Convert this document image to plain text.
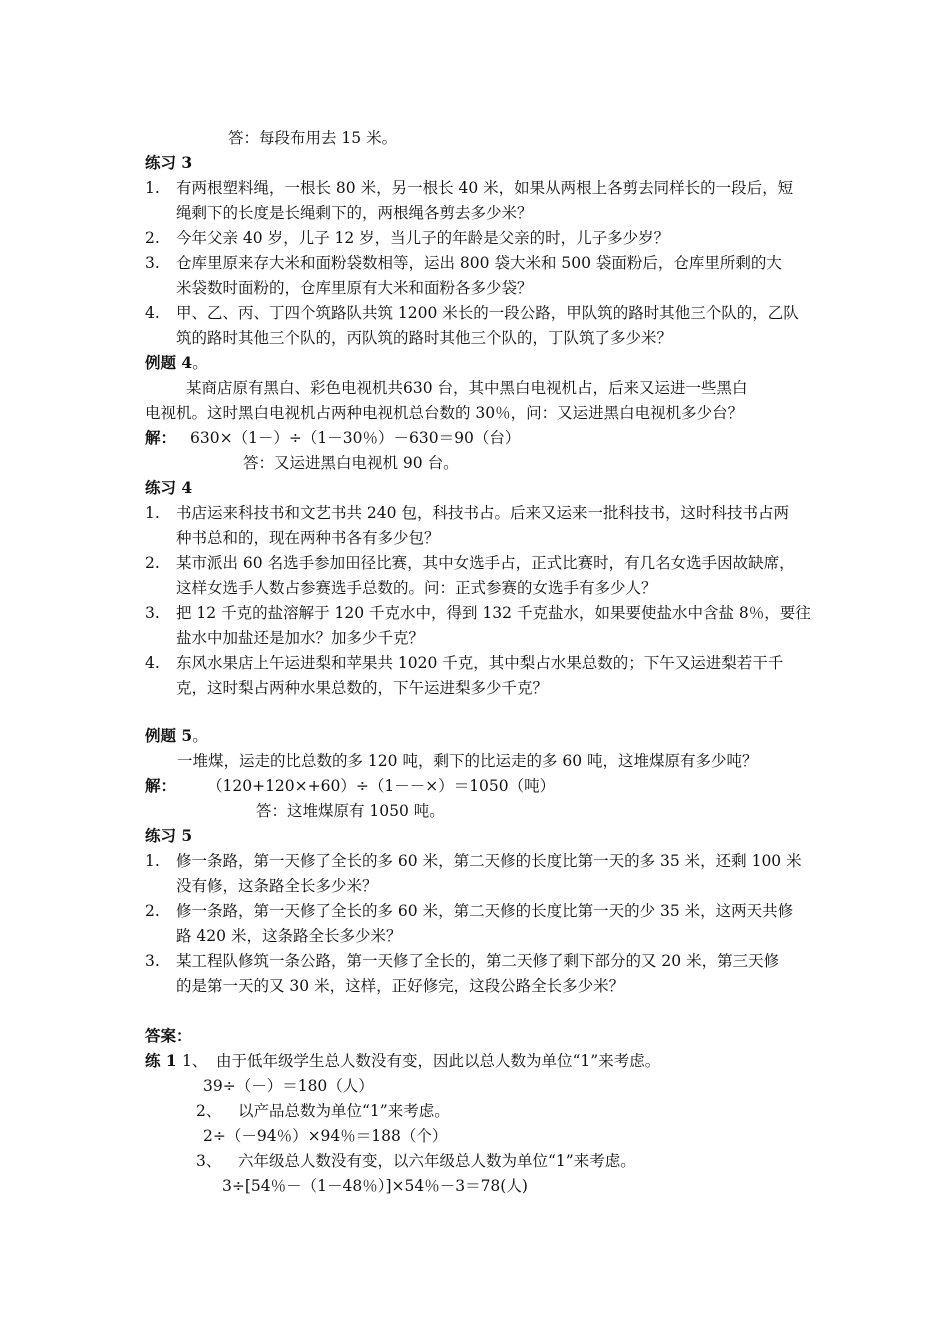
答：每段布用去 15 米。
练习 3
1. 有两根塑料绳，一根长 80 米，另一根长 40 米，如果从两根上各剪去同样长的一段后，短
绳剩下的长度是长绳剩下的，两根绳各剪去多少米？
2. 今年父亲 40 岁，儿子 12 岁，当儿子的年龄是父亲的时，儿子多少岁？
3. 仓库里原来存大米和面粉袋数相等，运出 800 袋大米和 500 袋面粉后，仓库里所剩的大
米袋数时面粉的，仓库里原有大米和面粉各多少袋？
4. 甲、乙、丙、丁四个筑路队共筑 1200 米长的一段公路，甲队筑的路时其他三个队的，乙队
筑的路时其他三个队的，丙队筑的路时其他三个队的，丁队筑了多少米？
例题 4。
某商店原有黑白、彩色电视机共630 台，其中黑白电视机占，后来又运进一些黑白
电视机。这时黑白电视机占两种电视机总台数的 30％，问：又运进黑白电视机多少台？
解： 630×（1－）÷（1－30％）－630＝90（台）
答：又运进黑白电视机 90 台。
练习 4
1. 书店运来科技书和文艺书共 240 包，科技书占。后来又运来一批科技书，这时科技书占两
种书总和的，现在两种书各有多少包？
2. 某市派出 60 名选手参加田径比赛，其中女选手占，正式比赛时，有几名女选手因故缺席，
这样女选手人数占参赛选手总数的。问：正式参赛的女选手有多少人？
3. 把 12 千克的盐溶解于 120 千克水中，得到 132 千克盐水，如果要使盐水中含盐 8％，要往
盐水中加盐还是加水？加多少千克？
4. 东风水果店上午运进梨和苹果共 1020 千克，其中梨占水果总数的；下午又运进梨若干千
克，这时梨占两种水果总数的，下午运进梨多少千克？
例题 5。
一堆煤，运走的比总数的多 120 吨，剩下的比运走的多 60 吨，这堆煤原有多少吨？
解： （120+120×+60）÷（1－－×）＝1050（吨）
答：这堆煤原有 1050 吨。
练习 5
1. 修一条路，第一天修了全长的多 60 米，第二天修的长度比第一天的多 35 米，还剩 100 米
没有修，这条路全长多少米？
2. 修一条路，第一天修了全长的多 60 米，第二天修的长度比第一天的少 35 米，这两天共修
路 420 米，这条路全长多少米？
3. 某工程队修筑一条公路，第一天修了全长的，第二天修了剩下部分的又 20 米，第三天修
的是第一天的又 30 米，这样，正好修完，这段公路全长多少米？
答案：
练 1 1、 由于低年级学生总人数没有变，因此以总人数为单位“1”来考虑。
39÷（－）＝180（人）
2、 以产品总数为单位“1”来考虑。
2÷（－94％）×94％＝188（个）
3、 六年级总人数没有变，以六年级总人数为单位“1”来考虑。
3÷[54％－（1－48％）]×54％－3＝78(人)
